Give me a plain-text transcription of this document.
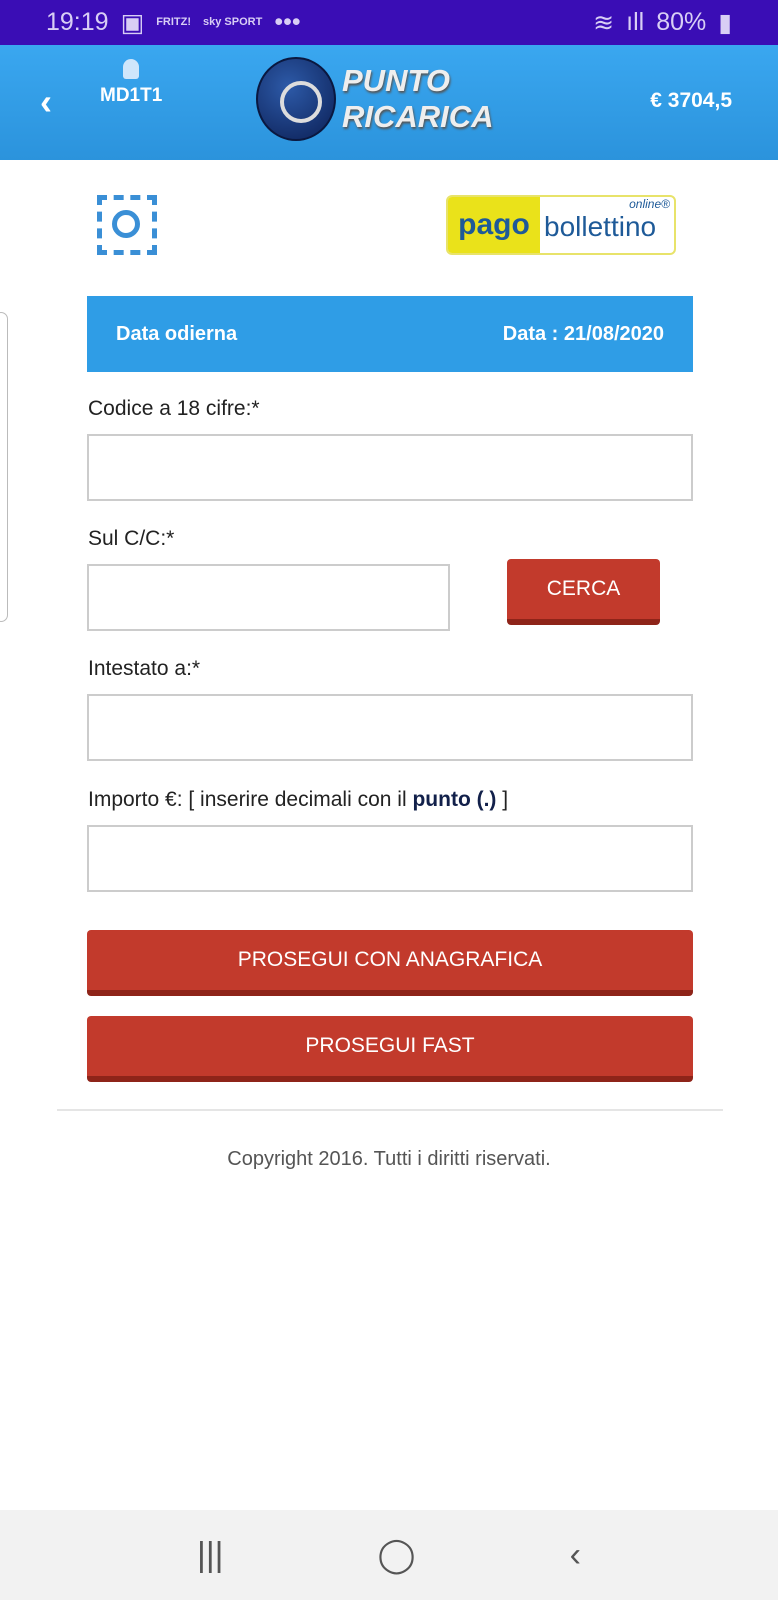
19:19 ▣ FRITZ! sky SPORT •••	≋ ıll 80% ▮
‹	MD1T1	PUNTO
RICARICA	€ 3704,5
pago
online®
bollettino
Data odierna	Data : 21/08/2020
Codice a 18 cifre:*
Sul C/C:*
CERCA
Intestato a:*
Importo €: [ inserire decimali con il punto (.) ]
PROSEGUI CON ANAGRAFICA
PROSEGUI FAST
Copyright 2016. Tutti i diritti riservati.
|||	◯	‹
